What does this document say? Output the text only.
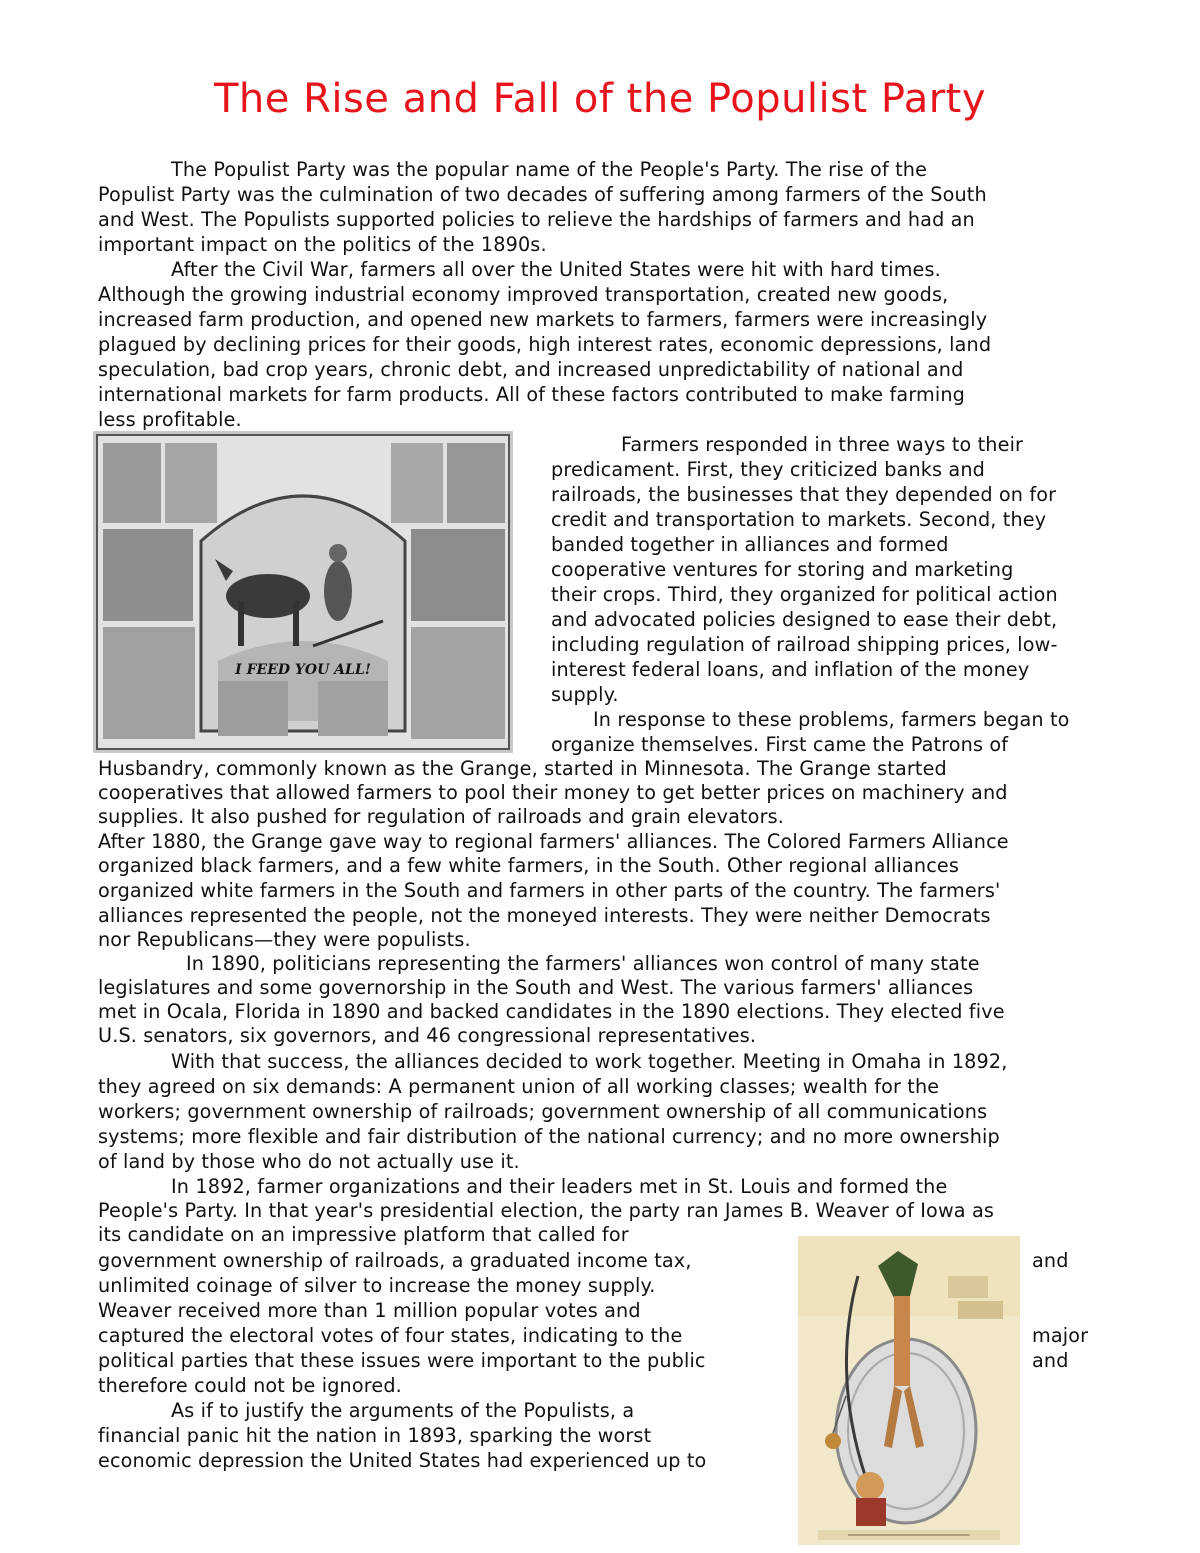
The Rise and Fall of the Populist Party

The Populist Party was the popular name of the People's Party. The rise of the

Populist Party was the culmination of two decades of suffering among farmers of the South

and West. The Populists supported policies to relieve the hardships of farmers and had an

important impact on the politics of the 1890s.

After the Civil War, farmers all over the United States were hit with hard times.

Although the growing industrial economy improved transportation, created new goods,

increased farm production, and opened new markets to farmers, farmers were increasingly

plagued by declining prices for their goods, high interest rates, economic depressions, land

speculation, bad crop years, chronic debt, and increased unpredictability of national and

international markets for farm products. All of these factors contributed to make farming

less profitable.

I FEED YOU ALL!

Farmers responded in three ways to their

predicament. First, they criticized banks and

railroads, the businesses that they depended on for

credit and transportation to markets. Second, they

banded together in alliances and formed

cooperative ventures for storing and marketing

their crops. Third, they organized for political action

and advocated policies designed to ease their debt,

including regulation of railroad shipping prices, low-

interest federal loans, and inflation of the money

supply.

In response to these problems, farmers began to

organize themselves. First came the Patrons of

Husbandry, commonly known as the Grange, started in Minnesota. The Grange started

cooperatives that allowed farmers to pool their money to get better prices on machinery and

supplies. It also pushed for regulation of railroads and grain elevators.

After 1880, the Grange gave way to regional farmers' alliances. The Colored Farmers Alliance

organized black farmers, and a few white farmers, in the South. Other regional alliances

organized white farmers in the South and farmers in other parts of the country. The farmers'

alliances represented the people, not the moneyed interests. They were neither Democrats

nor Republicans—they were populists.

In 1890, politicians representing the farmers' alliances won control of many state

legislatures and some governorship in the South and West. The various farmers' alliances

met in Ocala, Florida in 1890 and backed candidates in the 1890 elections. They elected five

U.S. senators, six governors, and 46 congressional representatives.

With that success, the alliances decided to work together. Meeting in Omaha in 1892,

they agreed on six demands: A permanent union of all working classes; wealth for the

workers; government ownership of railroads; government ownership of all communications

systems; more flexible and fair distribution of the national currency; and no more ownership

of land by those who do not actually use it.

In 1892, farmer organizations and their leaders met in St. Louis and formed the

People's Party. In that year's presidential election, the party ran James B. Weaver of Iowa as

its candidate on an impressive platform that called for

government ownership of railroads, a graduated income tax,

unlimited coinage of silver to increase the money supply.

Weaver received more than 1 million popular votes and

captured the electoral votes of four states, indicating to the

political parties that these issues were important to the public

therefore could not be ignored.

As if to justify the arguments of the Populists, a

financial panic hit the nation in 1893, sparking the worst

economic depression the United States had experienced up to

and

major

and
